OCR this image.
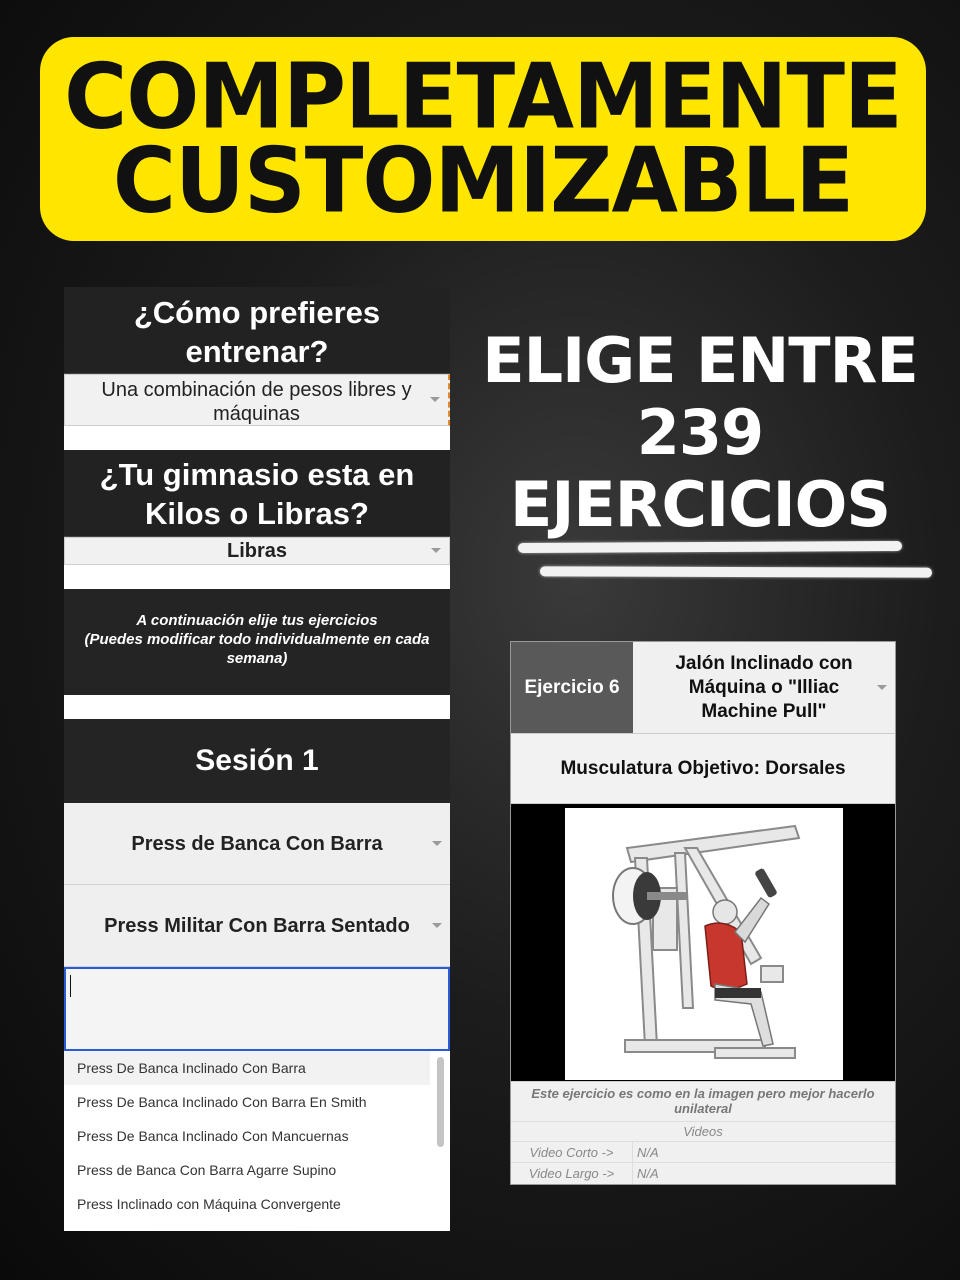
COMPLETAMENTE
CUSTOMIZABLE
ELIGE ENTRE
239
EJERCICIOS
¿Cómo prefieres
entrenar?
Una combinación de pesos libres y
máquinas
¿Tu gimnasio esta en
Kilos o Libras?
Libras
A continuación elije tus ejercicios
(Puedes modificar todo individualmente en cada
semana)
Sesión 1
Press de Banca Con Barra
Press Militar Con Barra Sentado
Press De Banca Inclinado Con Barra
Press De Banca Inclinado Con Barra En Smith
Press De Banca Inclinado Con Mancuernas
Press de Banca Con Barra Agarre Supino
Press Inclinado con Máquina Convergente
Ejercicio 6
Jalón Inclinado con
Máquina o "Illiac
Machine Pull"
Musculatura Objetivo: Dorsales
Este ejercicio es como en la imagen pero mejor hacerlo
unilateral
Videos
Video Corto ->	N/A
Video Largo ->	N/A
